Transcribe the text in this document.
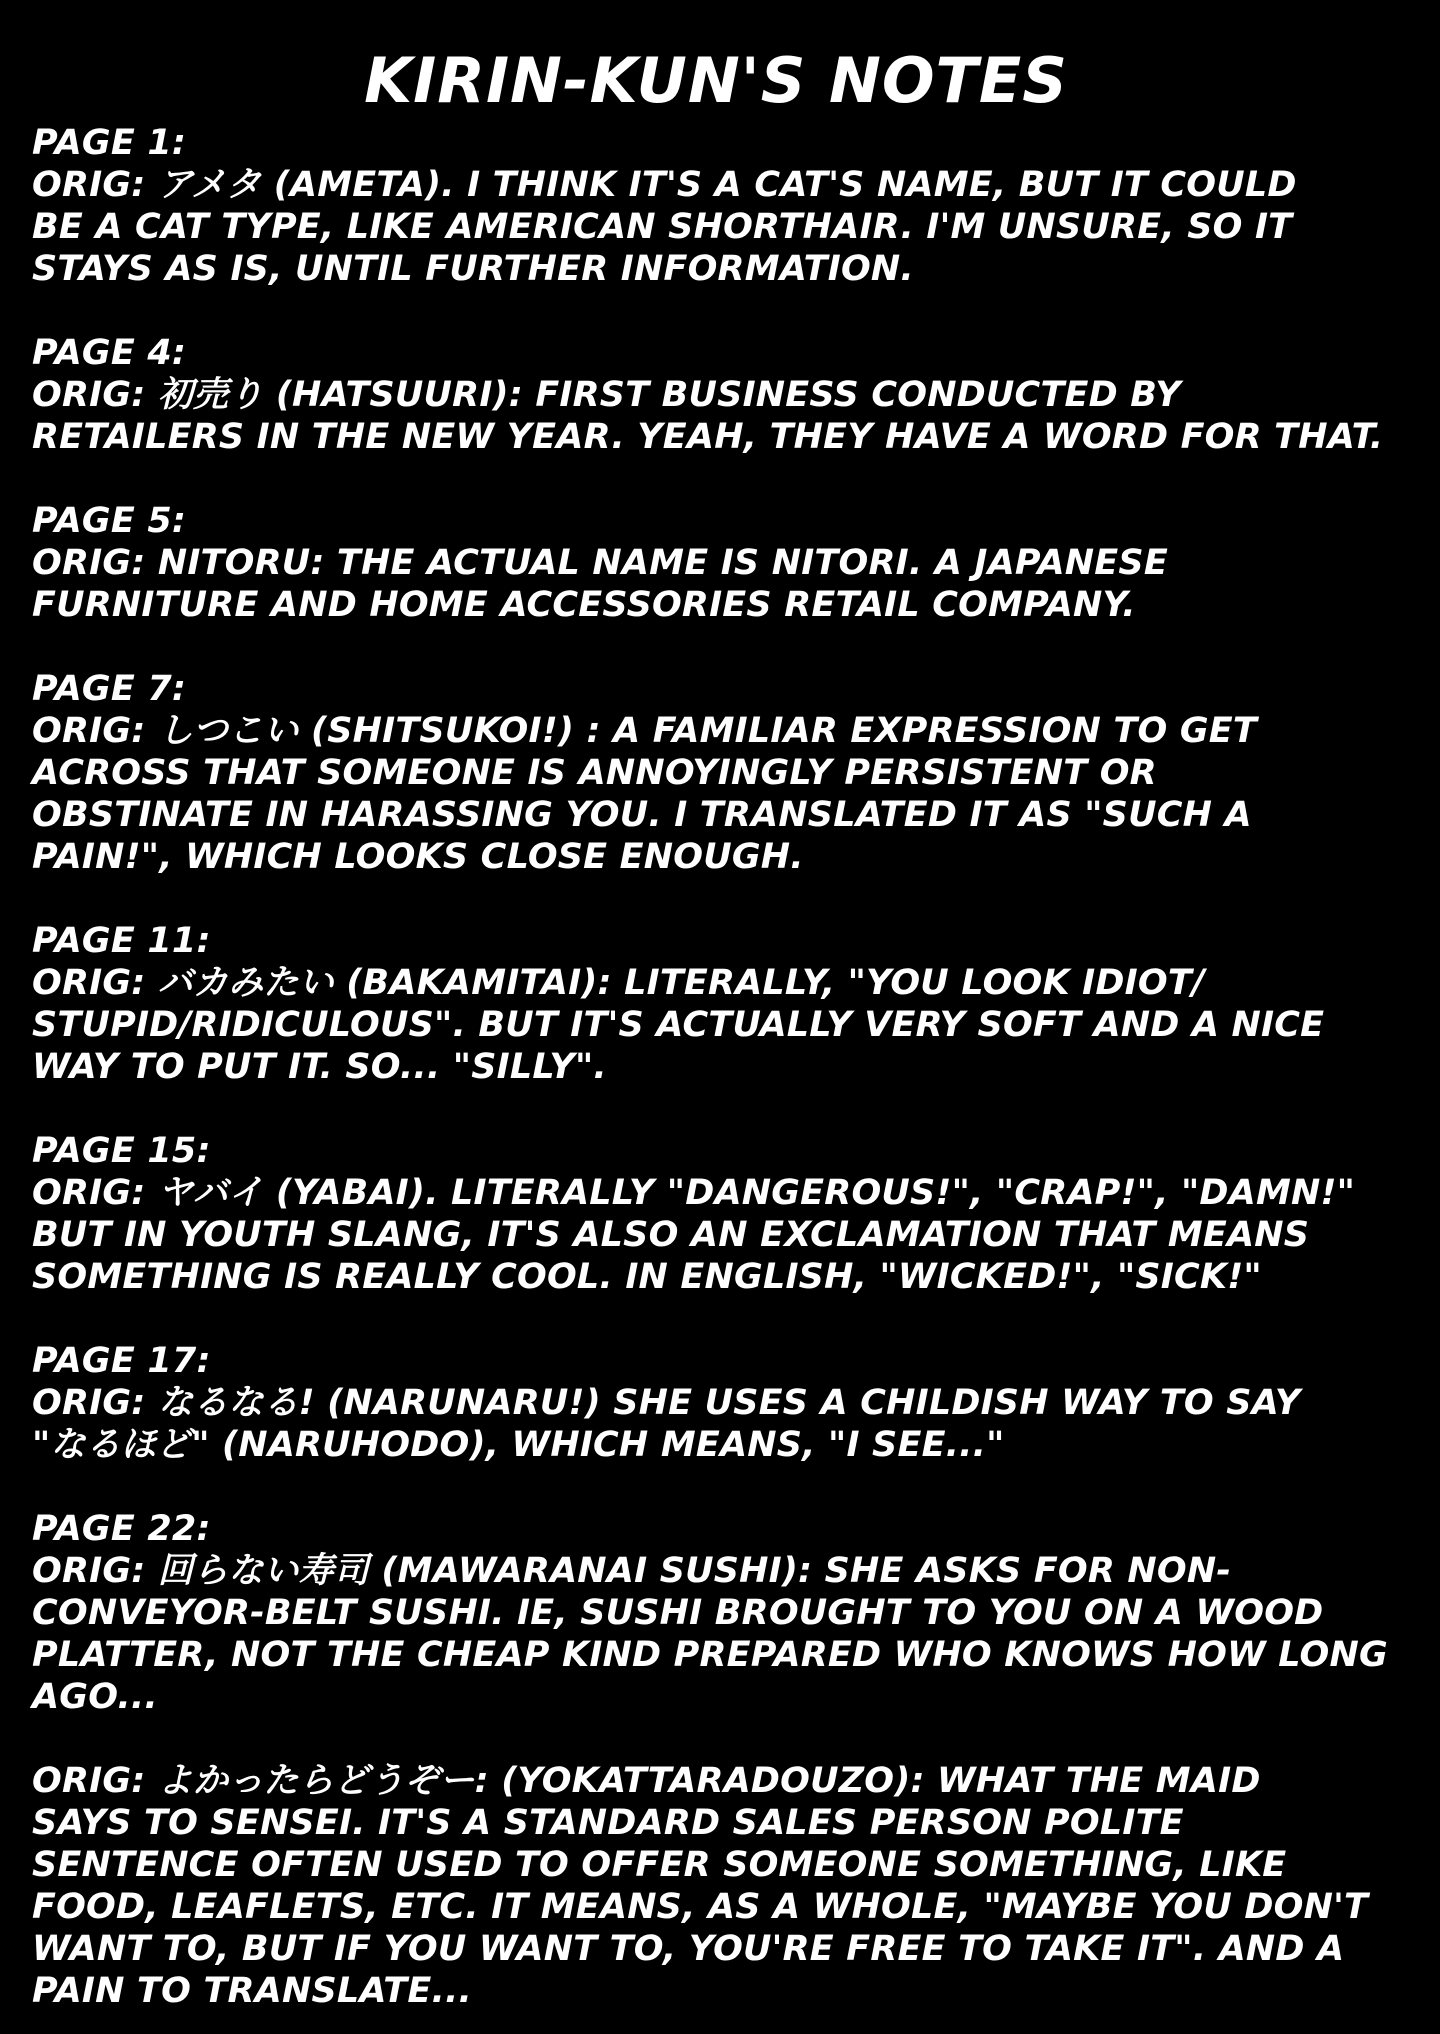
KIRIN-KUN'S NOTES
PAGE 1:
ORIG: アメタ (AMETA). I THINK IT'S A CAT'S NAME, BUT IT COULD
BE A CAT TYPE, LIKE AMERICAN SHORTHAIR. I'M UNSURE, SO IT
STAYS AS IS, UNTIL FURTHER INFORMATION.
PAGE 4:
ORIG: 初売り (HATSUURI): FIRST BUSINESS CONDUCTED BY
RETAILERS IN THE NEW YEAR. YEAH, THEY HAVE A WORD FOR THAT.
PAGE 5:
ORIG: NITORU: THE ACTUAL NAME IS NITORI. A JAPANESE
FURNITURE AND HOME ACCESSORIES RETAIL COMPANY.
PAGE 7:
ORIG: しつこい (SHITSUKOI!) : A FAMILIAR EXPRESSION TO GET
ACROSS THAT SOMEONE IS ANNOYINGLY PERSISTENT OR
OBSTINATE IN HARASSING YOU. I TRANSLATED IT AS "SUCH A
PAIN!", WHICH LOOKS CLOSE ENOUGH.
PAGE 11:
ORIG: バカみたい (BAKAMITAI): LITERALLY, "YOU LOOK IDIOT/
STUPID/RIDICULOUS". BUT IT'S ACTUALLY VERY SOFT AND A NICE
WAY TO PUT IT. SO... "SILLY".
PAGE 15:
ORIG: ヤバイ (YABAI). LITERALLY "DANGEROUS!", "CRAP!", "DAMN!"
BUT IN YOUTH SLANG, IT'S ALSO AN EXCLAMATION THAT MEANS
SOMETHING IS REALLY COOL. IN ENGLISH, "WICKED!", "SICK!"
PAGE 17:
ORIG: なるなる! (NARUNARU!) SHE USES A CHILDISH WAY TO SAY
"なるほど" (NARUHODO), WHICH MEANS, "I SEE..."
PAGE 22:
ORIG: 回らない寿司 (MAWARANAI SUSHI): SHE ASKS FOR NON-
CONVEYOR-BELT SUSHI. IE, SUSHI BROUGHT TO YOU ON A WOOD
PLATTER, NOT THE CHEAP KIND PREPARED WHO KNOWS HOW LONG
AGO...
ORIG: よかったらどうぞー: (YOKATTARADOUZO): WHAT THE MAID
SAYS TO SENSEI. IT'S A STANDARD SALES PERSON POLITE
SENTENCE OFTEN USED TO OFFER SOMEONE SOMETHING, LIKE
FOOD, LEAFLETS, ETC. IT MEANS, AS A WHOLE, "MAYBE YOU DON'T
WANT TO, BUT IF YOU WANT TO, YOU'RE FREE TO TAKE IT". AND A
PAIN TO TRANSLATE...
